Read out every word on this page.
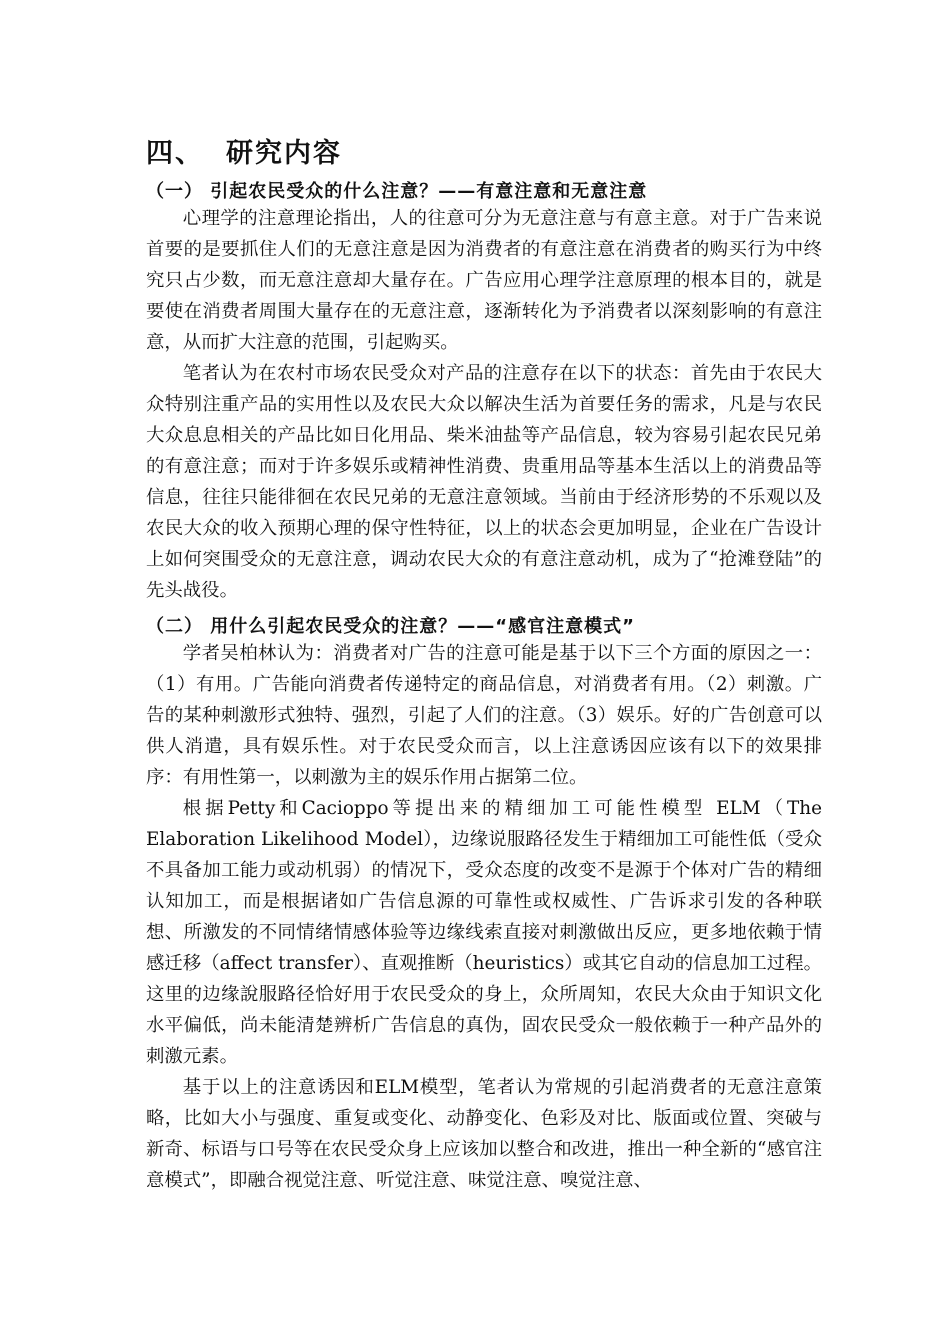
四、 研究内容
（一） 引起农民受众的什么注意？——有意注意和无意注意

心理学的注意理论指出，人的往意可分为无意注意与有意主意。对于广告来说首要的是要抓住人们的无意注意是因为消费者的有意注意在消费者的购买行为中终究只占少数，而无意注意却大量存在。广告应用心理学注意原理的根本目的，就是要使在消费者周围大量存在的无意注意，逐渐转化为予消费者以深刻影响的有意注意，从而扩大注意的范围，引起购买。

笔者认为在农村市场农民受众对产品的注意存在以下的状态：首先由于农民大众特别注重产品的实用性以及农民大众以解决生活为首要任务的需求，凡是与农民大众息息相关的产品比如日化用品、柴米油盐等产品信息，较为容易引起农民兄弟的有意注意；而对于许多娱乐或精神性消费、贵重用品等基本生活以上的消费品等信息，往往只能徘徊在农民兄弟的无意注意领域。当前由于经济形势的不乐观以及农民大众的收入预期心理的保守性特征，以上的状态会更加明显，企业在广告设计上如何突围受众的无意注意，调动农民大众的有意注意动机，成为了“抢滩登陆”的先头战役。

（二） 用什么引起农民受众的注意？——“感官注意模式”

学者吴柏林认为：消费者对广告的注意可能是基于以下三个方面的原因之一：（1）有用。广告能向消费者传递特定的商品信息，对消费者有用。（2）刺激。广告的某种刺激形式独特、强烈，引起了人们的注意。（3）娱乐。好的广告创意可以供人消遣，具有娱乐性。对于农民受众而言，以上注意诱因应该有以下的效果排序：有用性第一，以刺激为主的娱乐作用占据第二位。

根据Petty和Cacioppo等提出来的精细加工可能性模型 ELM（The Elaboration Likelihood Model），边缘说服路径发生于精细加工可能性低（受众不具备加工能力或动机弱）的情况下，受众态度的改变不是源于个体对广告的精细认知加工，而是根据诸如广告信息源的可靠性或权威性、广告诉求引发的各种联想、所激发的不同情绪情感体验等边缘线索直接对刺激做出反应，更多地依赖于情感迁移（affect transfer）、直观推断（heuristics）或其它自动的信息加工过程。这里的边缘說服路径恰好用于农民受众的身上，众所周知，农民大众由于知识文化水平偏低，尚未能清楚辨析广告信息的真伪，固农民受众一般依赖于一种产品外的刺激元素。

基于以上的注意诱因和ELM模型，笔者认为常规的引起消费者的无意注意策略，比如大小与强度、重复或变化、动静变化、色彩及对比、版面或位置、突破与新奇、标语与口号等在农民受众身上应该加以整合和改进，推出一种全新的“感官注意模式”，即融合视觉注意、听觉注意、味觉注意、嗅觉注意、
